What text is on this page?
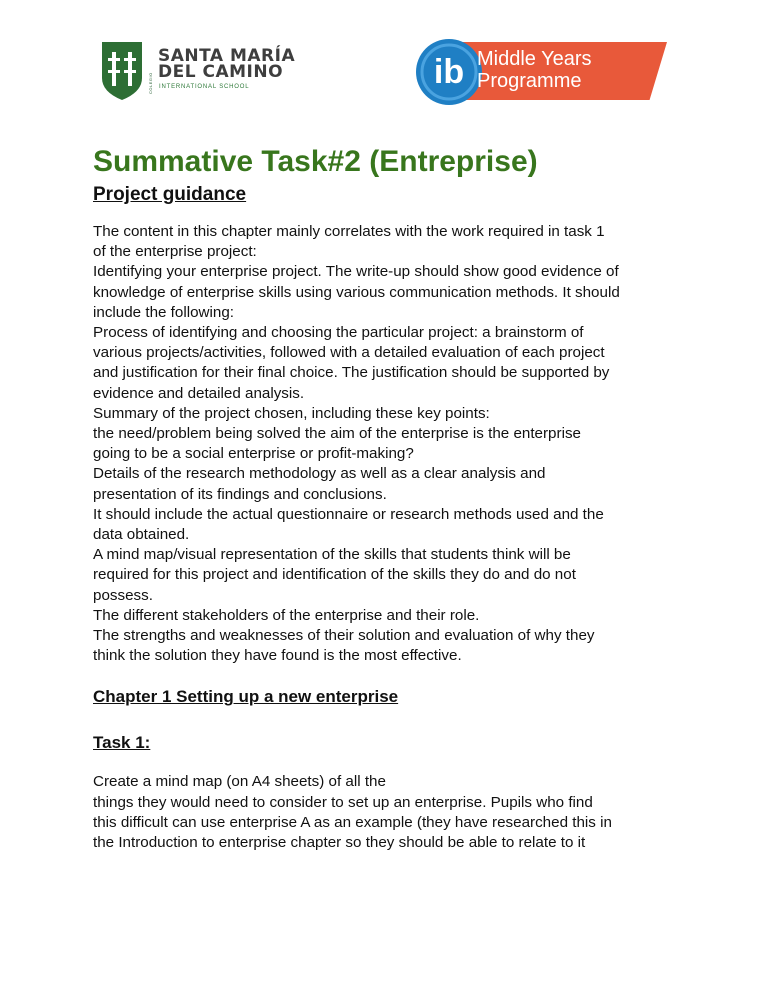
COLEGIO
SANTA MARÍA
DEL CAMINO
INTERNATIONAL SCHOOL	ib Middle Years
Programme
Summative Task#2 (Entreprise)

Project guidance

The content in this chapter mainly correlates with the work required in task 1
of the enterprise project:
Identifying your enterprise project. The write-up should show good evidence of
knowledge of enterprise skills using various communication methods. It should
include the following:
Process of identifying and choosing the particular project: a brainstorm of
various projects/activities, followed with a detailed evaluation of each project
and justification for their final choice. The justification should be supported by
evidence and detailed analysis.
Summary of the project chosen, including these key points:
the need/problem being solved the aim of the enterprise is the enterprise
going to be a social enterprise or profit-making?
Details of the research methodology as well as a clear analysis and
presentation of its findings and conclusions.
It should include the actual questionnaire or research methods used and the
data obtained.
A mind map/visual representation of the skills that students think will be
required for this project and identification of the skills they do and do not
possess.
The different stakeholders of the enterprise and their role.
The strengths and weaknesses of their solution and evaluation of why they
think the solution they have found is the most effective.

Chapter 1 Setting up a new enterprise

Task 1:

Create a mind map (on A4 sheets) of all the
things they would need to consider to set up an enterprise. Pupils who find
this difficult can use enterprise A as an example (they have researched this in
the Introduction to enterprise chapter so they should be able to relate to it
